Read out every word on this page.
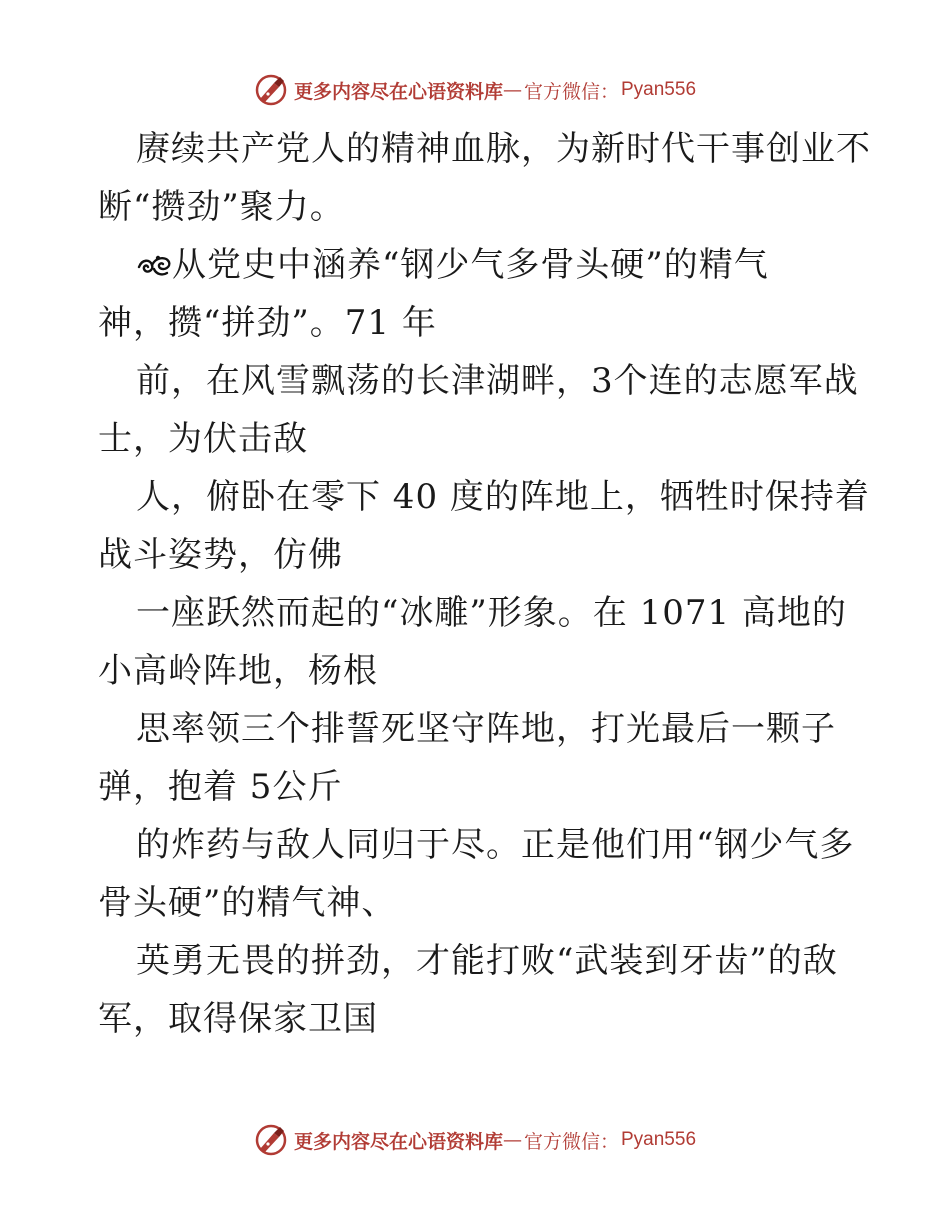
更多内容尽在心语资料库 — 官方微信： Pyan556
赓续共产党人的精神血脉，为新时代干事创业不
断“攒劲”聚力。
从党史中涵养“钢少气多骨头硬”的精气
神，攒“拼劲”。71 年
前，在风雪飘荡的长津湖畔，3个连的志愿军战
士，为伏击敌
人，俯卧在零下 40 度的阵地上，牺牲时保持着
战斗姿势，仿佛
一座跃然而起的“冰雕”形象。在 1071 高地的
小高岭阵地，杨根
思率领三个排誓死坚守阵地，打光最后一颗子
弹，抱着 5公斤
的炸药与敌人同归于尽。正是他们用“钢少气多
骨头硬”的精气神、
英勇无畏的拼劲，才能打败“武装到牙齿”的敌
军，取得保家卫国
更多内容尽在心语资料库 — 官方微信： Pyan556
